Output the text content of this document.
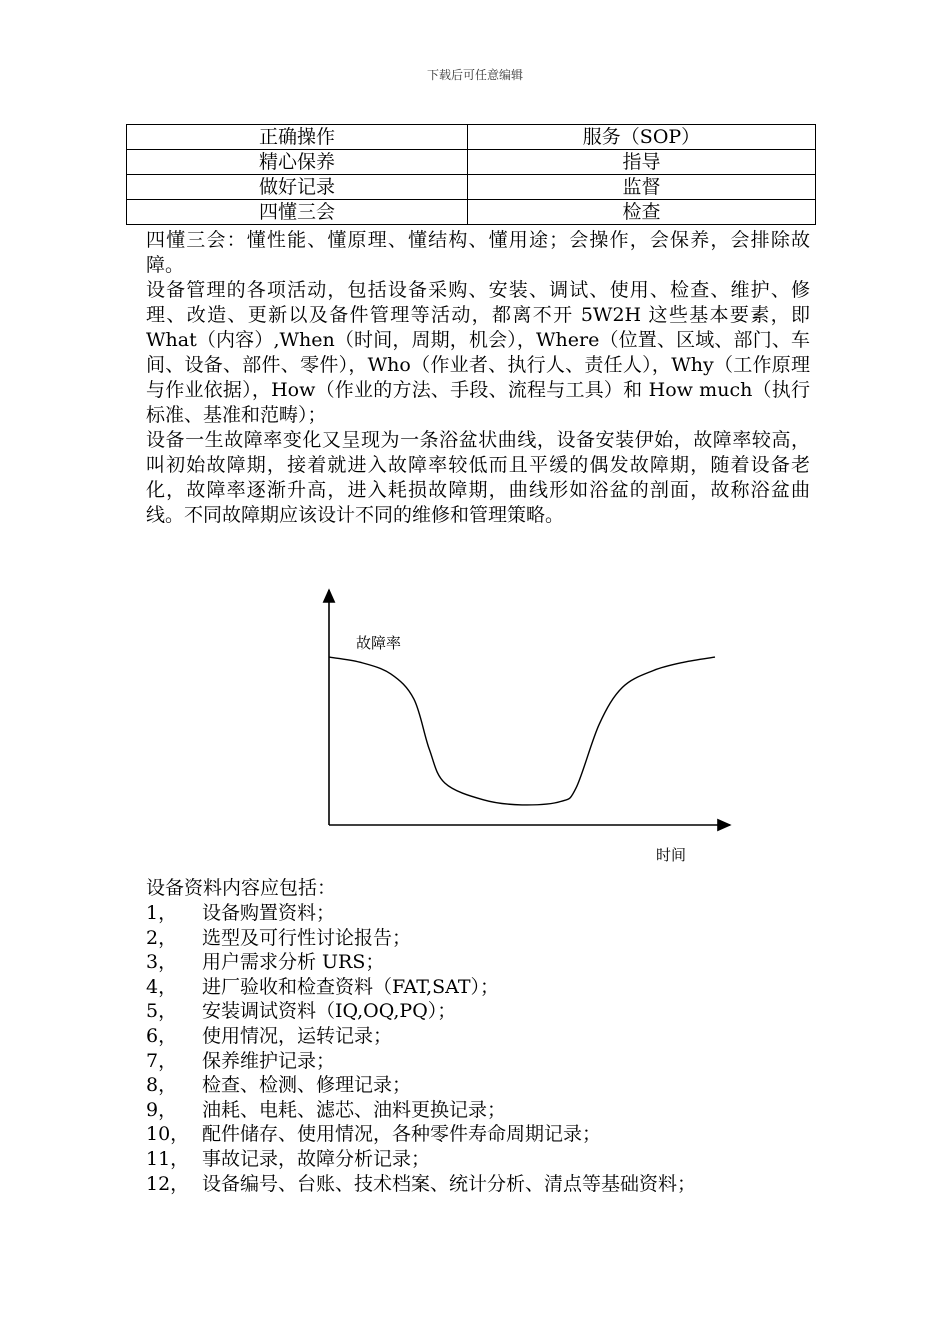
下载后可任意编辑
正确操作	服务（SOP）
精心保养	指导
做好记录	监督
四懂三会	检查

四懂三会：懂性能、懂原理、懂结构、懂用途；会操作，会保养，会排除故障。

设备管理的各项活动，包括设备采购、安装、调试、使用、检查、维护、修理、改造、更新以及备件管理等活动，都离不开 5W2H 这些基本要素，即 What（内容）,When（时间，周期，机会），Where（位置、区域、部门、车间、设备、部件、零件），Who（作业者、执行人、责任人），Why（工作原理与作业依据），How（作业的方法、手段、流程与工具）和 How much（执行标准、基准和范畴）；

设备一生故障率变化又呈现为一条浴盆状曲线，设备安装伊始，故障率较高，叫初始故障期，接着就进入故障率较低而且平缓的偶发故障期，随着设备老化，故障率逐渐升高，进入耗损故障期，曲线形如浴盆的剖面，故称浴盆曲线。不同故障期应该设计不同的维修和管理策略。

故障率
时间
设备资料内容应包括：
1，	设备购置资料；
2，	选型及可行性讨论报告；
3，	用户需求分析 URS；
4，	进厂验收和检查资料（FAT,SAT）；
5，	安装调试资料（IQ,OQ,PQ）；
6，	使用情况，运转记录；
7，	保养维护记录；
8，	检查、检测、修理记录；
9，	油耗、电耗、滤芯、油料更换记录；
10， 配件储存、使用情况，各种零件寿命周期记录；
11， 事故记录，故障分析记录；
12， 设备编号、台账、技术档案、统计分析、清点等基础资料；
